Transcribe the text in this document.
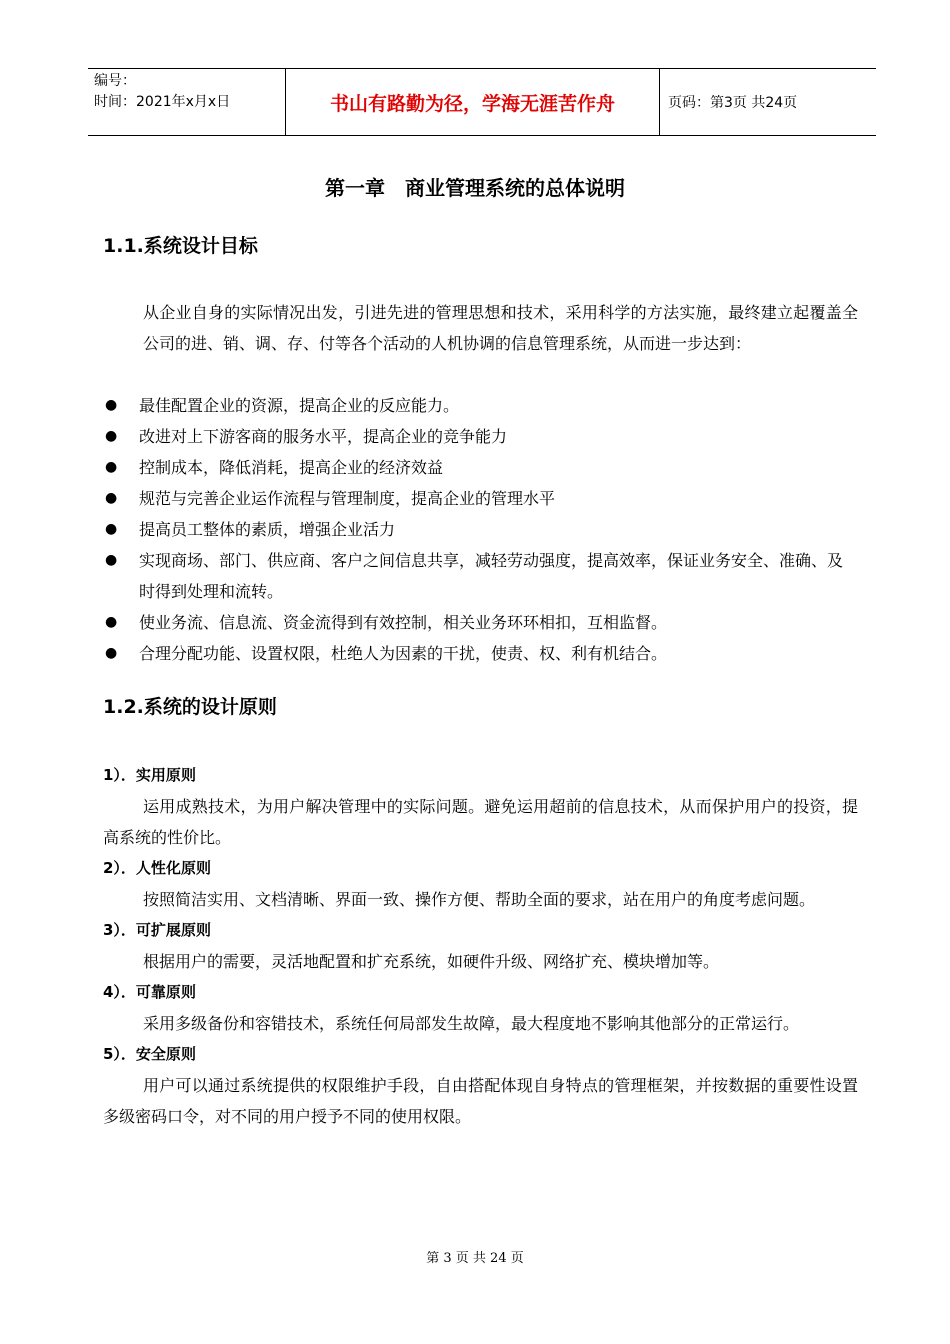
编号：
时间：2021年x月x日	书山有路勤为径，学海无涯苦作舟	页码：第3页 共24页
第一章　商业管理系统的总体说明
1.1.系统设计目标
从企业自身的实际情况出发，引进先进的管理思想和技术，采用科学的方法实施，最终建立起覆盖全公司的进、销、调、存、付等各个活动的人机协调的信息管理系统，从而进一步达到：
● 最佳配置企业的资源，提高企业的反应能力。
● 改进对上下游客商的服务水平，提高企业的竞争能力
● 控制成本，降低消耗，提高企业的经济效益
● 规范与完善企业运作流程与管理制度，提高企业的管理水平
● 提高员工整体的素质，增强企业活力
● 实现商场、部门、供应商、客户之间信息共享，减轻劳动强度，提高效率，保证业务安全、准确、及时得到处理和流转。
● 使业务流、信息流、资金流得到有效控制，相关业务环环相扣，互相监督。
● 合理分配功能、设置权限，杜绝人为因素的干扰，使责、权、利有机结合。
1.2.系统的设计原则
1）．实用原则
运用成熟技术，为用户解决管理中的实际问题。避免运用超前的信息技术，从而保护用户的投资，提高系统的性价比。
2）．人性化原则
按照简洁实用、文档清晰、界面一致、操作方便、帮助全面的要求，站在用户的角度考虑问题。
3）．可扩展原则
根据用户的需要，灵活地配置和扩充系统，如硬件升级、网络扩充、模块增加等。
4）．可靠原则
采用多级备份和容错技术，系统任何局部发生故障，最大程度地不影响其他部分的正常运行。
5）．安全原则
用户可以通过系统提供的权限维护手段，自由搭配体现自身特点的管理框架，并按数据的重要性设置多级密码口令，对不同的用户授予不同的使用权限。
第 3 页 共 24 页
